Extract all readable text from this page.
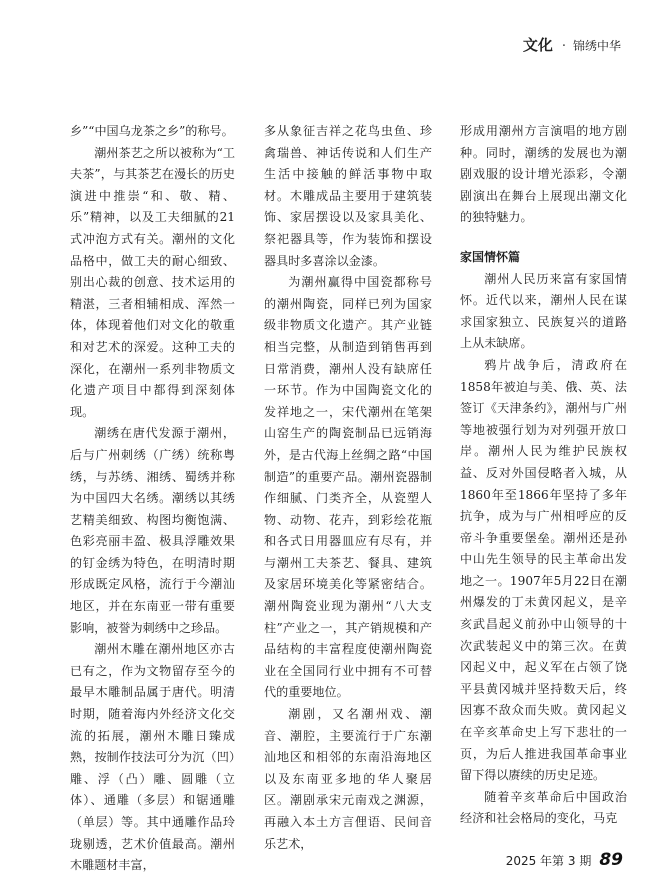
文化 · 锦绣中华

乡”“中国乌龙茶之乡”的称号。

潮州茶艺之所以被称为“工夫茶”，与其茶艺在漫长的历史演进中推崇“和、敬、精、乐”精神，以及工夫细腻的21式冲泡方式有关。潮州的文化品格中，做工夫的耐心细致、别出心裁的创意、技术运用的精湛，三者相辅相成、浑然一体，体现着他们对文化的敬重和对艺术的深爱。这种工夫的深化，在潮州一系列非物质文化遗产项目中都得到深刻体现。

潮绣在唐代发源于潮州，后与广州刺绣（广绣）统称粤绣，与苏绣、湘绣、蜀绣并称为中国四大名绣。潮绣以其绣艺精美细致、构图均衡饱满、色彩亮丽丰盈、极具浮雕效果的钉金绣为特色，在明清时期形成既定风格，流行于今潮汕地区，并在东南亚一带有重要影响，被誉为刺绣中之珍品。

潮州木雕在潮州地区亦古已有之，作为文物留存至今的最早木雕制品属于唐代。明清时期，随着海内外经济文化交流的拓展，潮州木雕日臻成熟，按制作技法可分为沉（凹）雕、浮（凸）雕、圆雕（立体）、通雕（多层）和锯通雕（单层）等。其中通雕作品玲珑剔透，艺术价值最高。潮州木雕题材丰富，

多从象征吉祥之花鸟虫鱼、珍禽瑞兽、神话传说和人们生产生活中接触的鲜活事物中取材。木雕成品主要用于建筑装饰、家居摆设以及家具美化、祭祀器具等，作为装饰和摆设器具时多喜涂以金漆。

为潮州赢得中国瓷都称号的潮州陶瓷，同样已列为国家级非物质文化遗产。其产业链相当完整，从制造到销售再到日常消费，潮州人没有缺席任一环节。作为中国陶瓷文化的发祥地之一，宋代潮州在笔架山窑生产的陶瓷制品已远销海外，是古代海上丝绸之路“中国制造”的重要产品。潮州瓷器制作细腻、门类齐全，从瓷塑人物、动物、花卉，到彩绘花瓶和各式日用器皿应有尽有，并与潮州工夫茶艺、餐具、建筑及家居环境美化等紧密结合。潮州陶瓷业现为潮州“八大支柱”产业之一，其产销规模和产品结构的丰富程度使潮州陶瓷业在全国同行业中拥有不可替代的重要地位。

潮剧，又名潮州戏、潮音、潮腔，主要流行于广东潮汕地区和相邻的东南沿海地区以及东南亚多地的华人聚居区。潮剧承宋元南戏之渊源，再融入本土方言俚语、民间音乐艺术，

形成用潮州方言演唱的地方剧种。同时，潮绣的发展也为潮剧戏服的设计增光添彩，令潮剧演出在舞台上展现出潮文化的独特魅力。

家国情怀篇

潮州人民历来富有家国情怀。近代以来，潮州人民在谋求国家独立、民族复兴的道路上从未缺席。

鸦片战争后，清政府在1858年被迫与美、俄、英、法签订《天津条约》，潮州与广州等地被强行划为对列强开放口岸。潮州人民为维护民族权益、反对外国侵略者入城，从1860年至1866年坚持了多年抗争，成为与广州相呼应的反帝斗争重要堡垒。潮州还是孙中山先生领导的民主革命出发地之一。1907年5月22日在潮州爆发的丁未黄冈起义，是辛亥武昌起义前孙中山领导的十次武装起义中的第三次。在黄冈起义中，起义军在占领了饶平县黄冈城并坚持数天后，终因寡不敌众而失败。黄冈起义在辛亥革命史上写下悲壮的一页，为后人推进我国革命事业留下得以赓续的历史足迹。

随着辛亥革命后中国政治经济和社会格局的变化，马克

2025 年第 3 期 89
